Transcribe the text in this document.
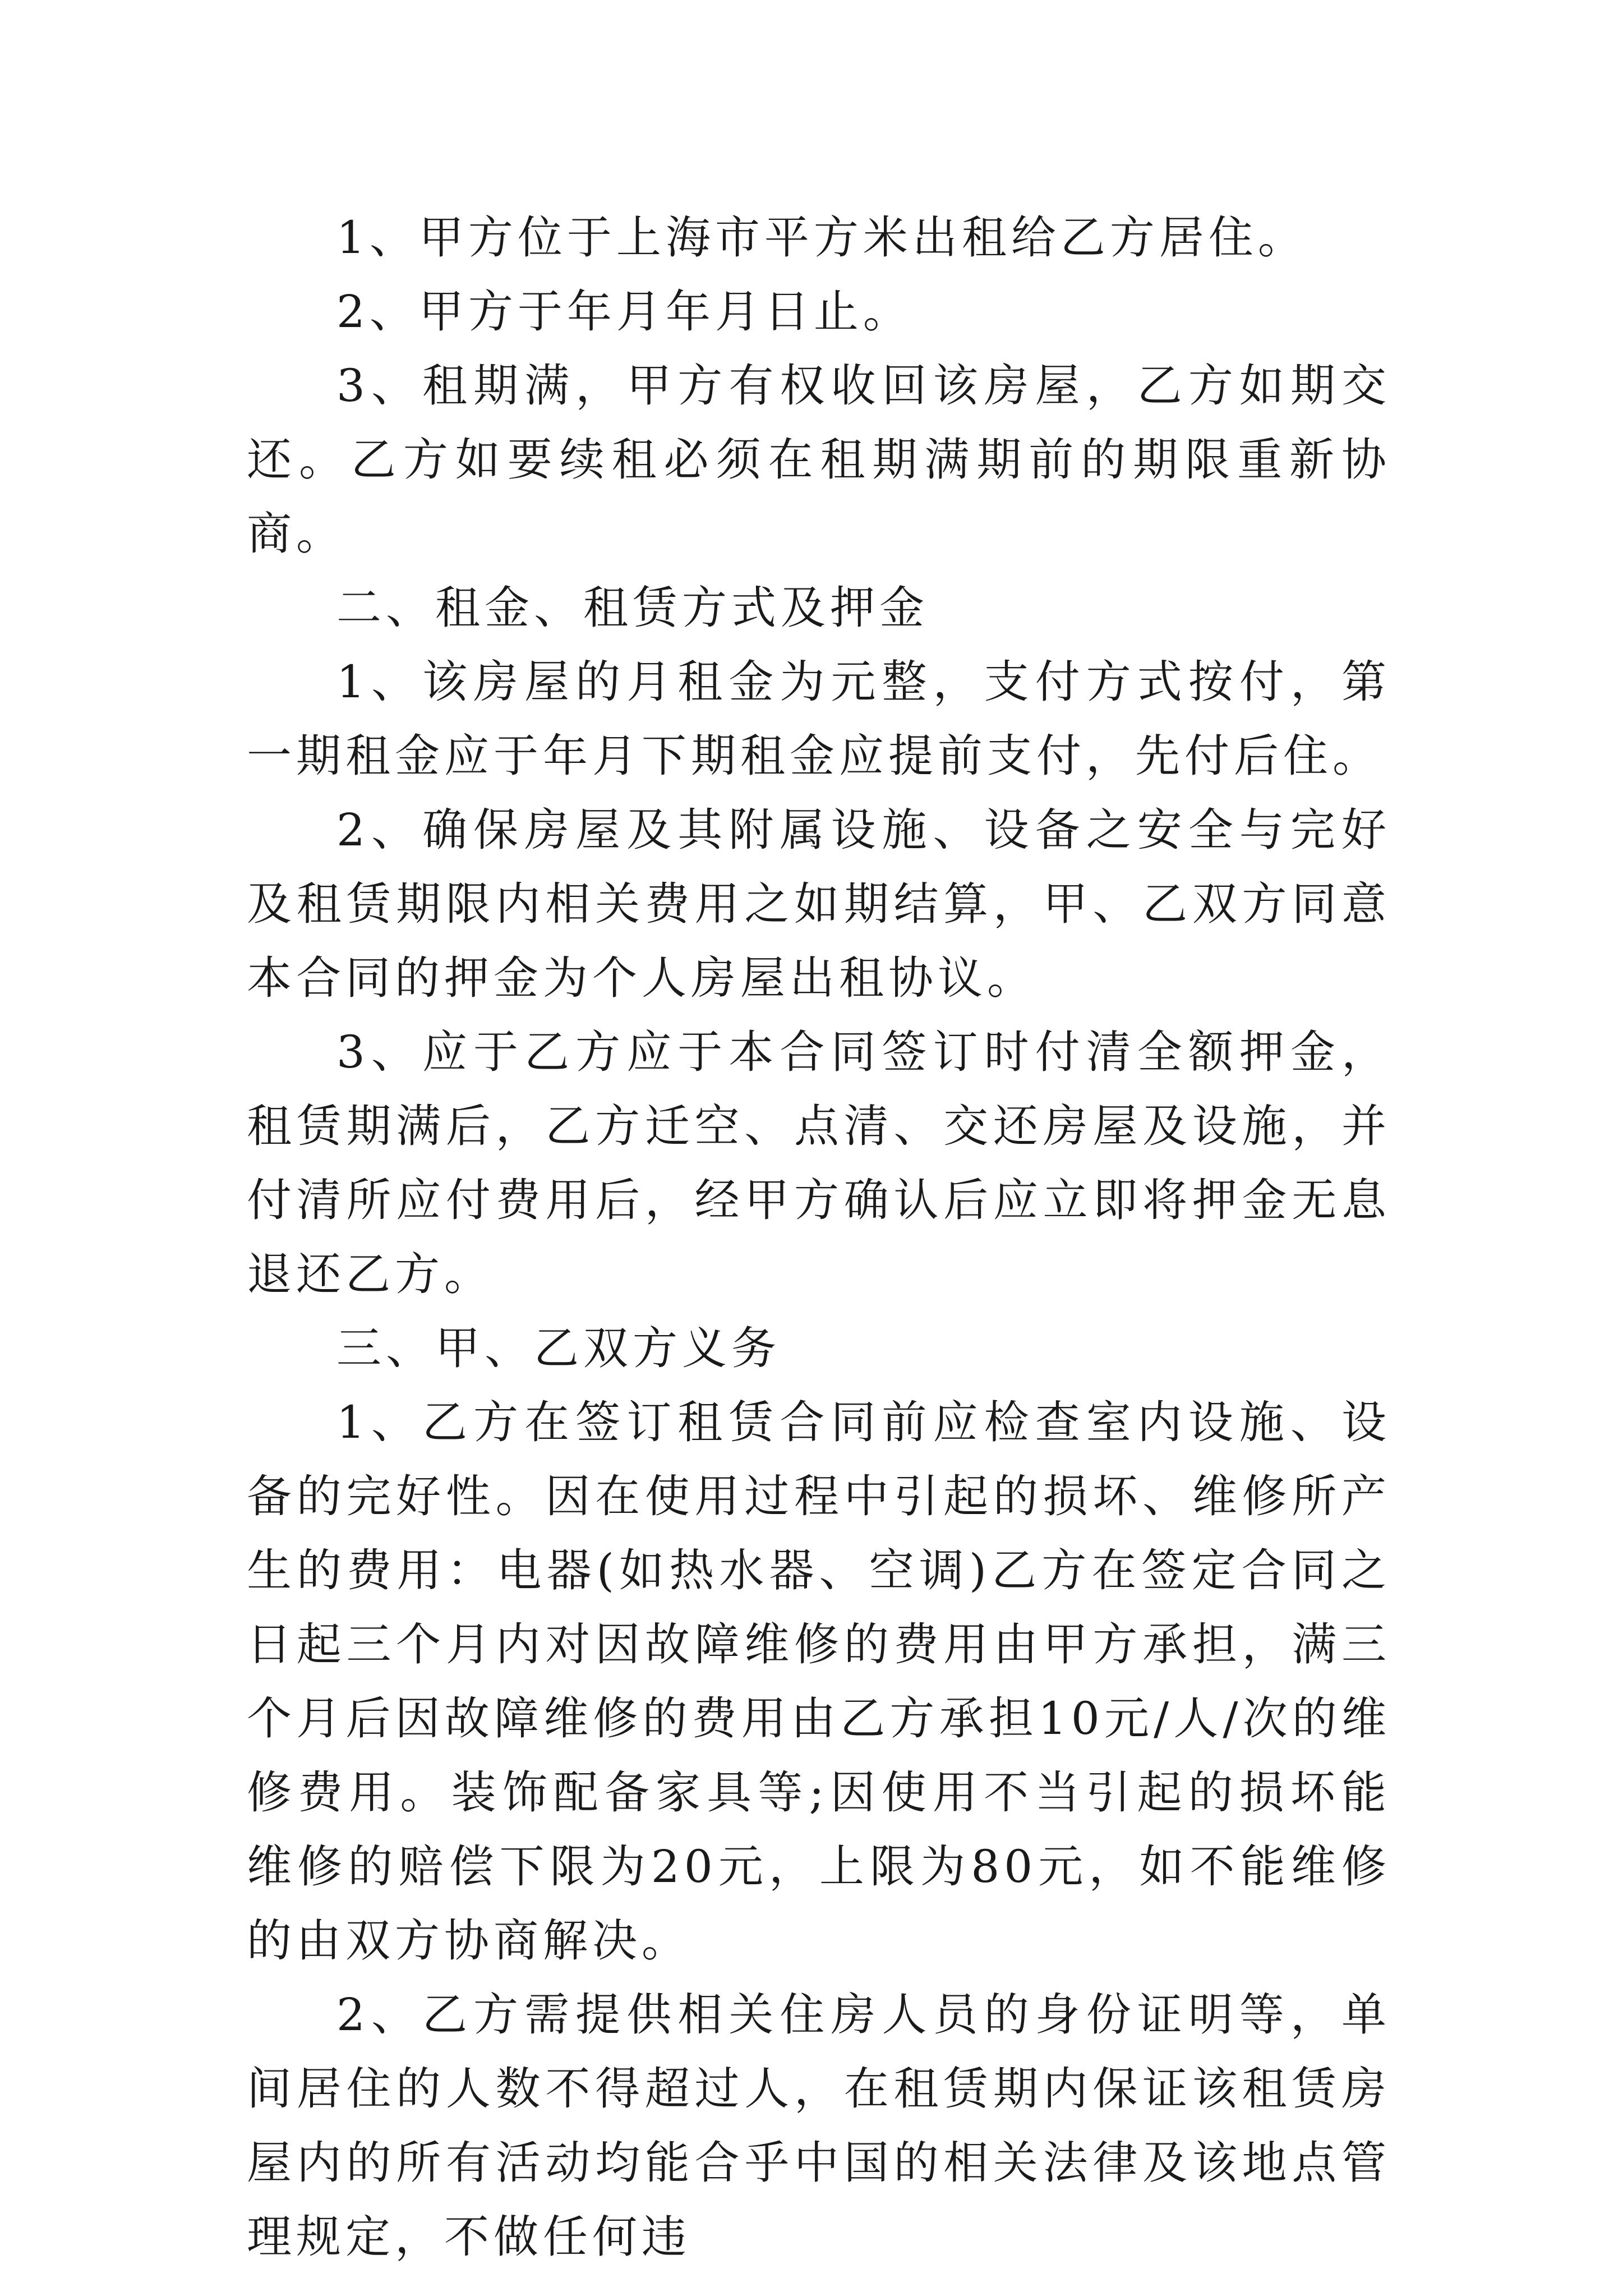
1、甲方位于上海市平方米出租给乙方居住。

2、甲方于年月年月日止。

3、租期满，甲方有权收回该房屋，乙方如期交还。乙方如要续租必须在租期满期前的期限重新协商。

二、租金、租赁方式及押金

1、该房屋的月租金为元整，支付方式按付，第一期租金应于年月下期租金应提前支付，先付后住。

2、确保房屋及其附属设施、设备之安全与完好及租赁期限内相关费用之如期结算，甲、乙双方同意本合同的押金为个人房屋出租协议。

3、应于乙方应于本合同签订时付清全额押金，租赁期满后，乙方迁空、点清、交还房屋及设施，并付清所应付费用后，经甲方确认后应立即将押金无息退还乙方。

三、甲、乙双方义务

1、乙方在签订租赁合同前应检查室内设施、设备的完好性。因在使用过程中引起的损坏、维修所产生的费用：电器(如热水器、空调)乙方在签定合同之日起三个月内对因故障维修的费用由甲方承担，满三个月后因故障维修的费用由乙方承担10元/人/次的维修费用。装饰配备家具等;因使用不当引起的损坏能维修的赔偿下限为20元，上限为80元，如不能维修的由双方协商解决。

2、乙方需提供相关住房人员的身份证明等，单间居住的人数不得超过人，在租赁期内保证该租赁房屋内的所有活动均能合乎中国的相关法律及该地点管理规定，不做任何违
